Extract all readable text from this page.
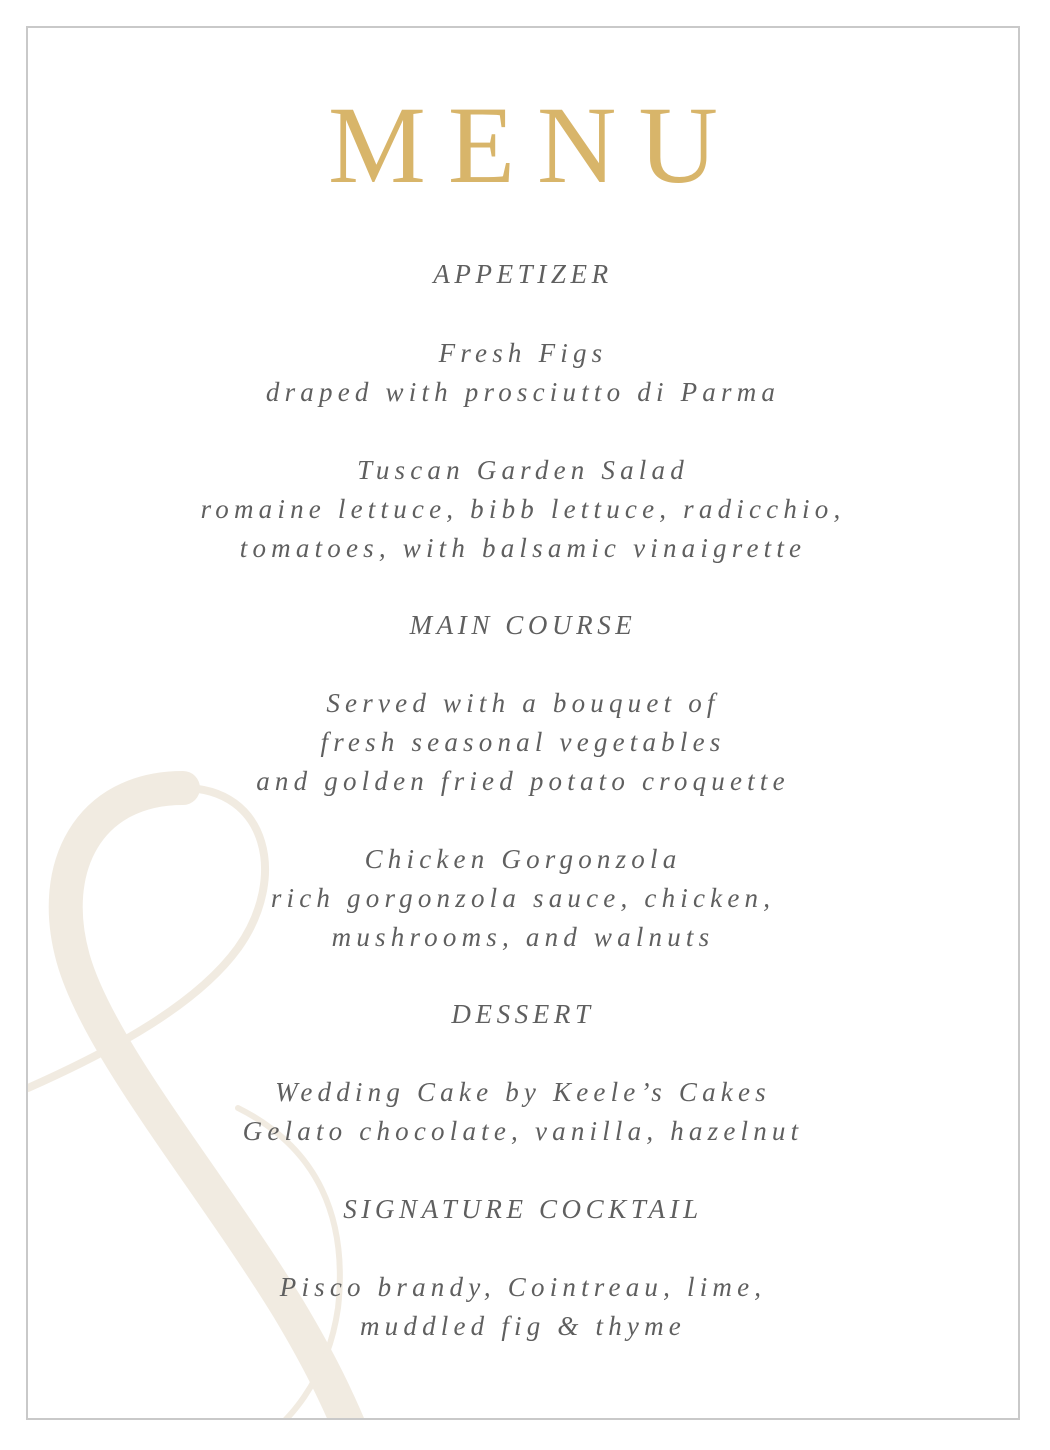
MENU
APPETIZER
Fresh Figs
draped with prosciutto di Parma
Tuscan Garden Salad
romaine lettuce, bibb lettuce, radicchio,
tomatoes, with balsamic vinaigrette
MAIN COURSE
Served with a bouquet of
fresh seasonal vegetables
and golden fried potato croquette
Chicken Gorgonzola
rich gorgonzola sauce, chicken,
mushrooms, and walnuts
DESSERT
Wedding Cake by Keele’s Cakes
Gelato chocolate, vanilla, hazelnut
SIGNATURE COCKTAIL
Pisco brandy, Cointreau, lime,
muddled fig & thyme
